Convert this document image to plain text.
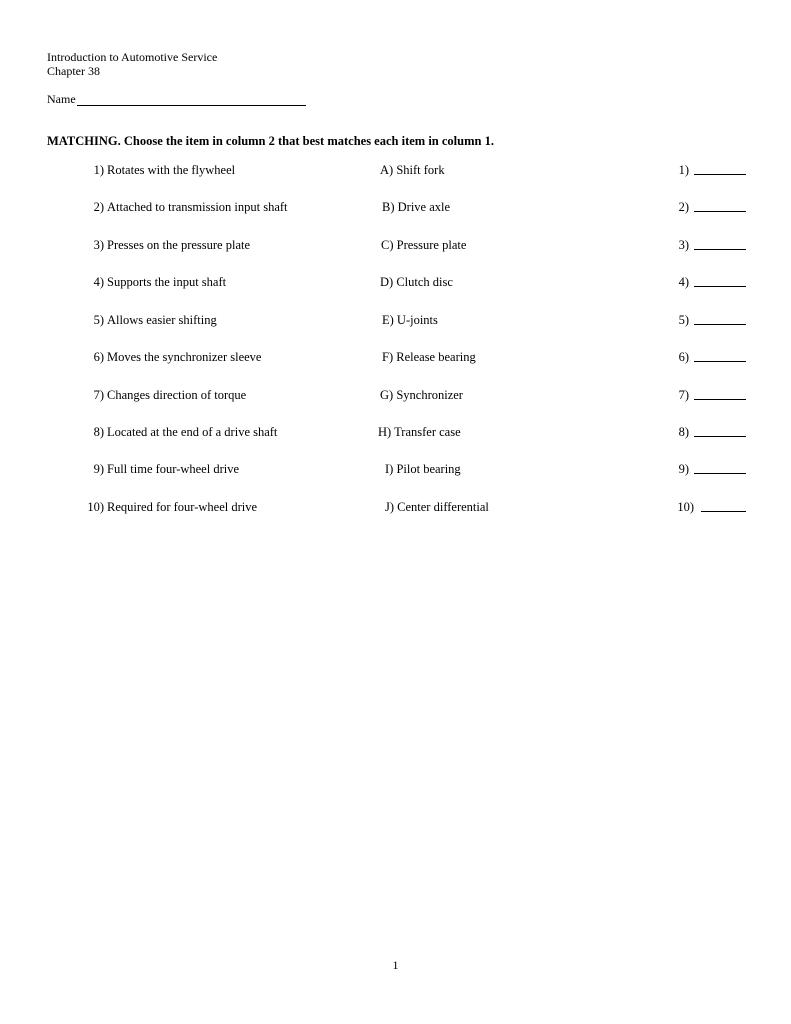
Introduction to Automotive Service
Chapter 38
Name
MATCHING. Choose the item in column 2 that best matches each item in column 1.
1) Rotates with the flywheel	A) Shift fork	1)
2) Attached to transmission input shaft	B) Drive axle	2)
3) Presses on the pressure plate	C) Pressure plate	3)
4) Supports the input shaft	D) Clutch disc	4)
5) Allows easier shifting	E) U-joints	5)
6) Moves the synchronizer sleeve	F) Release bearing	6)
7) Changes direction of torque	G) Synchronizer	7)
8) Located at the end of a drive shaft	H) Transfer case	8)
9) Full time four-wheel drive	I) Pilot bearing	9)
10) Required for four-wheel drive	J) Center differential	10)
1
